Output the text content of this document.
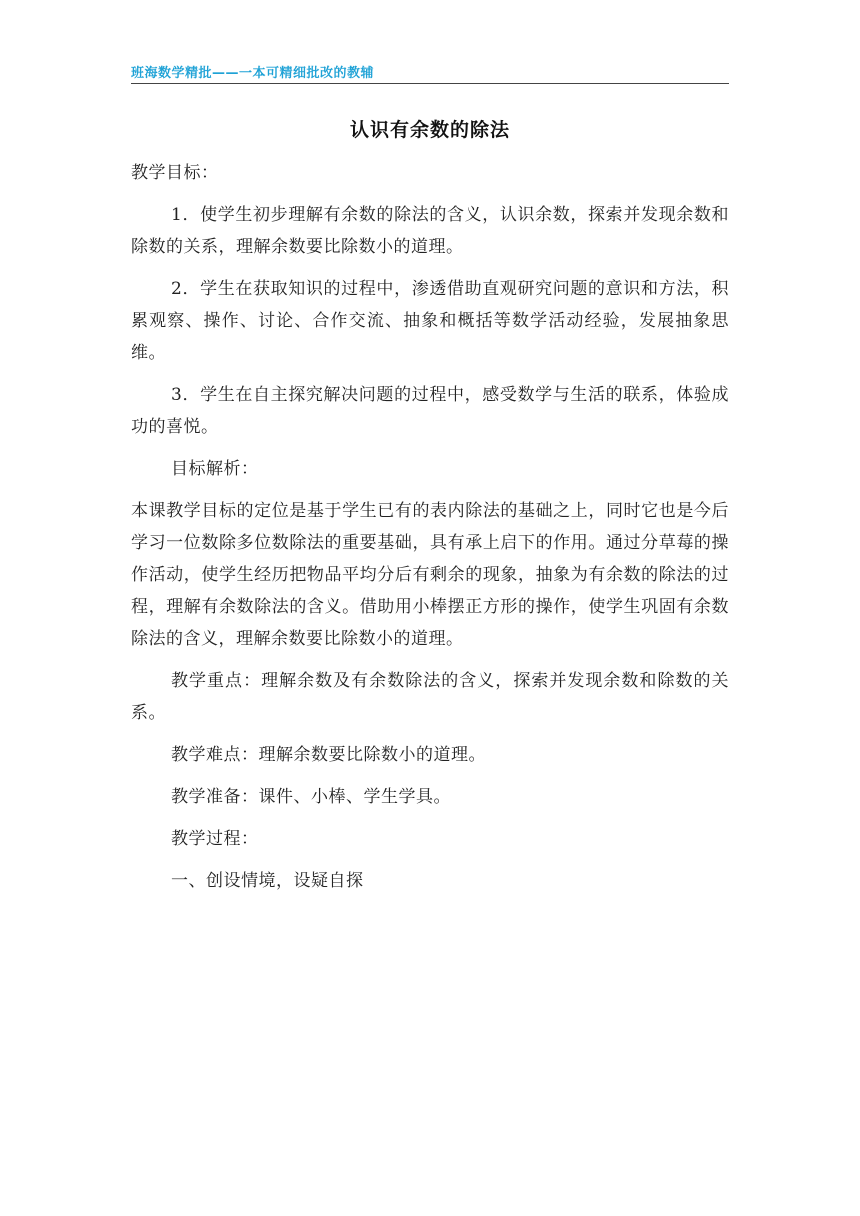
班海数学精批——一本可精细批改的教辅
认识有余数的除法

教学目标：

1．使学生初步理解有余数的除法的含义，认识余数，探索并发现余数和除数的关系，理解余数要比除数小的道理。

2．学生在获取知识的过程中，渗透借助直观研究问题的意识和方法，积累观察、操作、讨论、合作交流、抽象和概括等数学活动经验，发展抽象思维。

3．学生在自主探究解决问题的过程中，感受数学与生活的联系，体验成功的喜悦。

目标解析：

本课教学目标的定位是基于学生已有的表内除法的基础之上，同时它也是今后学习一位数除多位数除法的重要基础，具有承上启下的作用。通过分草莓的操作活动，使学生经历把物品平均分后有剩余的现象，抽象为有余数的除法的过程，理解有余数除法的含义。借助用小棒摆正方形的操作，使学生巩固有余数除法的含义，理解余数要比除数小的道理。

教学重点：理解余数及有余数除法的含义，探索并发现余数和除数的关系。

教学难点：理解余数要比除数小的道理。

教学准备：课件、小棒、学生学具。

教学过程：

一、创设情境，设疑自探
